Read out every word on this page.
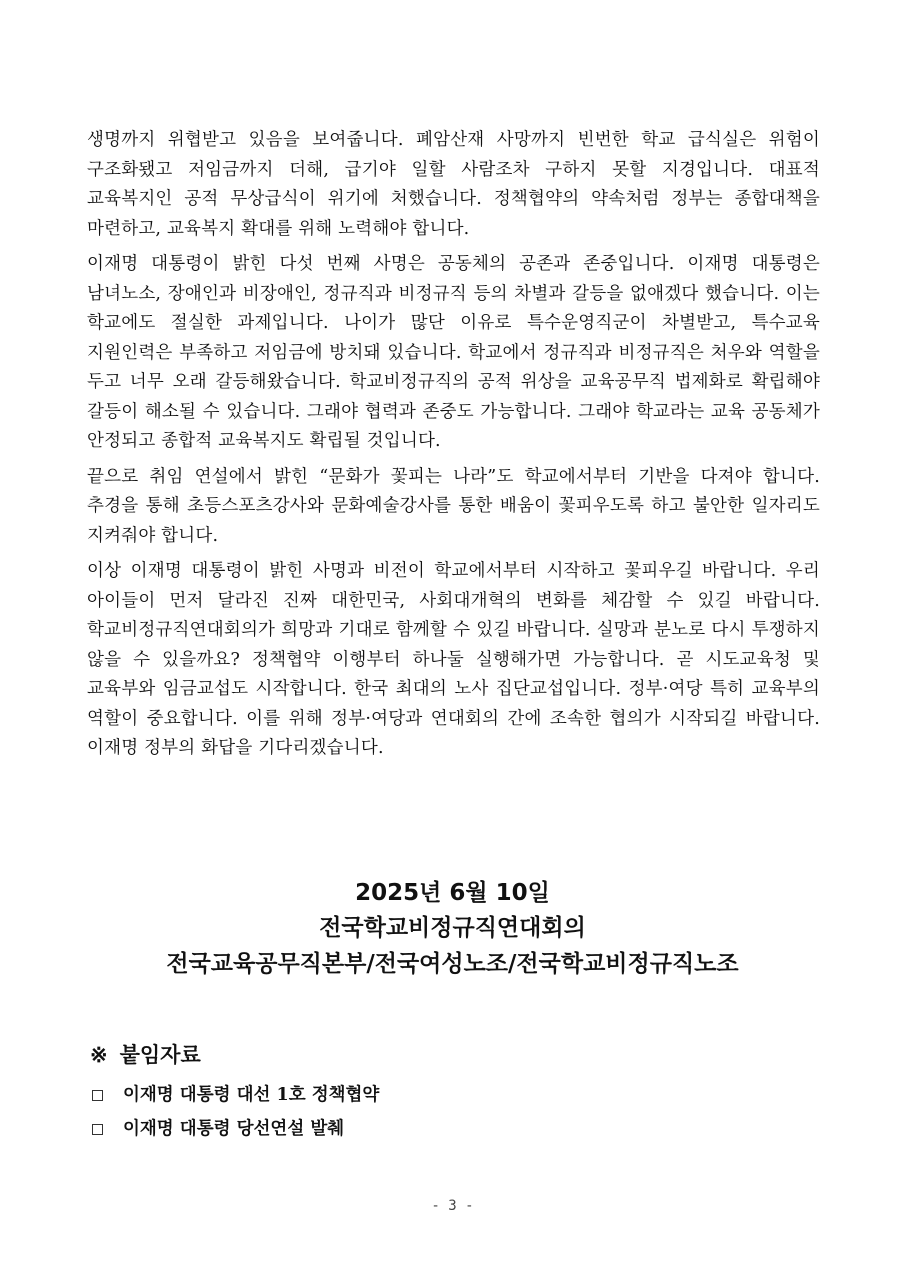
생명까지 위협받고 있음을 보여줍니다. 폐암산재 사망까지 빈번한 학교 급식실은 위험이 구조화됐고 저임금까지 더해, 급기야 일할 사람조차 구하지 못할 지경입니다. 대표적 교육복지인 공적 무상급식이 위기에 처했습니다. 정책협약의 약속처럼 정부는 종합대책을 마련하고, 교육복지 확대를 위해 노력해야 합니다.

이재명 대통령이 밝힌 다섯 번째 사명은 공동체의 공존과 존중입니다. 이재명 대통령은 남녀노소, 장애인과 비장애인, 정규직과 비정규직 등의 차별과 갈등을 없애겠다 했습니다. 이는 학교에도 절실한 과제입니다. 나이가 많단 이유로 특수운영직군이 차별받고, 특수교육 지원인력은 부족하고 저임금에 방치돼 있습니다. 학교에서 정규직과 비정규직은 처우와 역할을 두고 너무 오래 갈등해왔습니다. 학교비정규직의 공적 위상을 교육공무직 법제화로 확립해야 갈등이 해소될 수 있습니다. 그래야 협력과 존중도 가능합니다. 그래야 학교라는 교육 공동체가 안정되고 종합적 교육복지도 확립될 것입니다.

끝으로 취임 연설에서 밝힌 “문화가 꽃피는 나라”도 학교에서부터 기반을 다져야 합니다. 추경을 통해 초등스포츠강사와 문화예술강사를 통한 배움이 꽃피우도록 하고 불안한 일자리도 지켜줘야 합니다.

이상 이재명 대통령이 밝힌 사명과 비전이 학교에서부터 시작하고 꽃피우길 바랍니다. 우리 아이들이 먼저 달라진 진짜 대한민국, 사회대개혁의 변화를 체감할 수 있길 바랍니다. 학교비정규직연대회의가 희망과 기대로 함께할 수 있길 바랍니다. 실망과 분노로 다시 투쟁하지 않을 수 있을까요? 정책협약 이행부터 하나둘 실행해가면 가능합니다. 곧 시도교육청 및 교육부와 임금교섭도 시작합니다. 한국 최대의 노사 집단교섭입니다. 정부·여당 특히 교육부의 역할이 중요합니다. 이를 위해 정부·여당과 연대회의 간에 조속한 협의가 시작되길 바랍니다. 이재명 정부의 화답을 기다리겠습니다.

2025년 6월 10일
전국학교비정규직연대회의
전국교육공무직본부/전국여성노조/전국학교비정규직노조
※ 붙임자료
이재명 대통령 대선 1호 정책협약
이재명 대통령 당선연설 발췌
- 3 -
